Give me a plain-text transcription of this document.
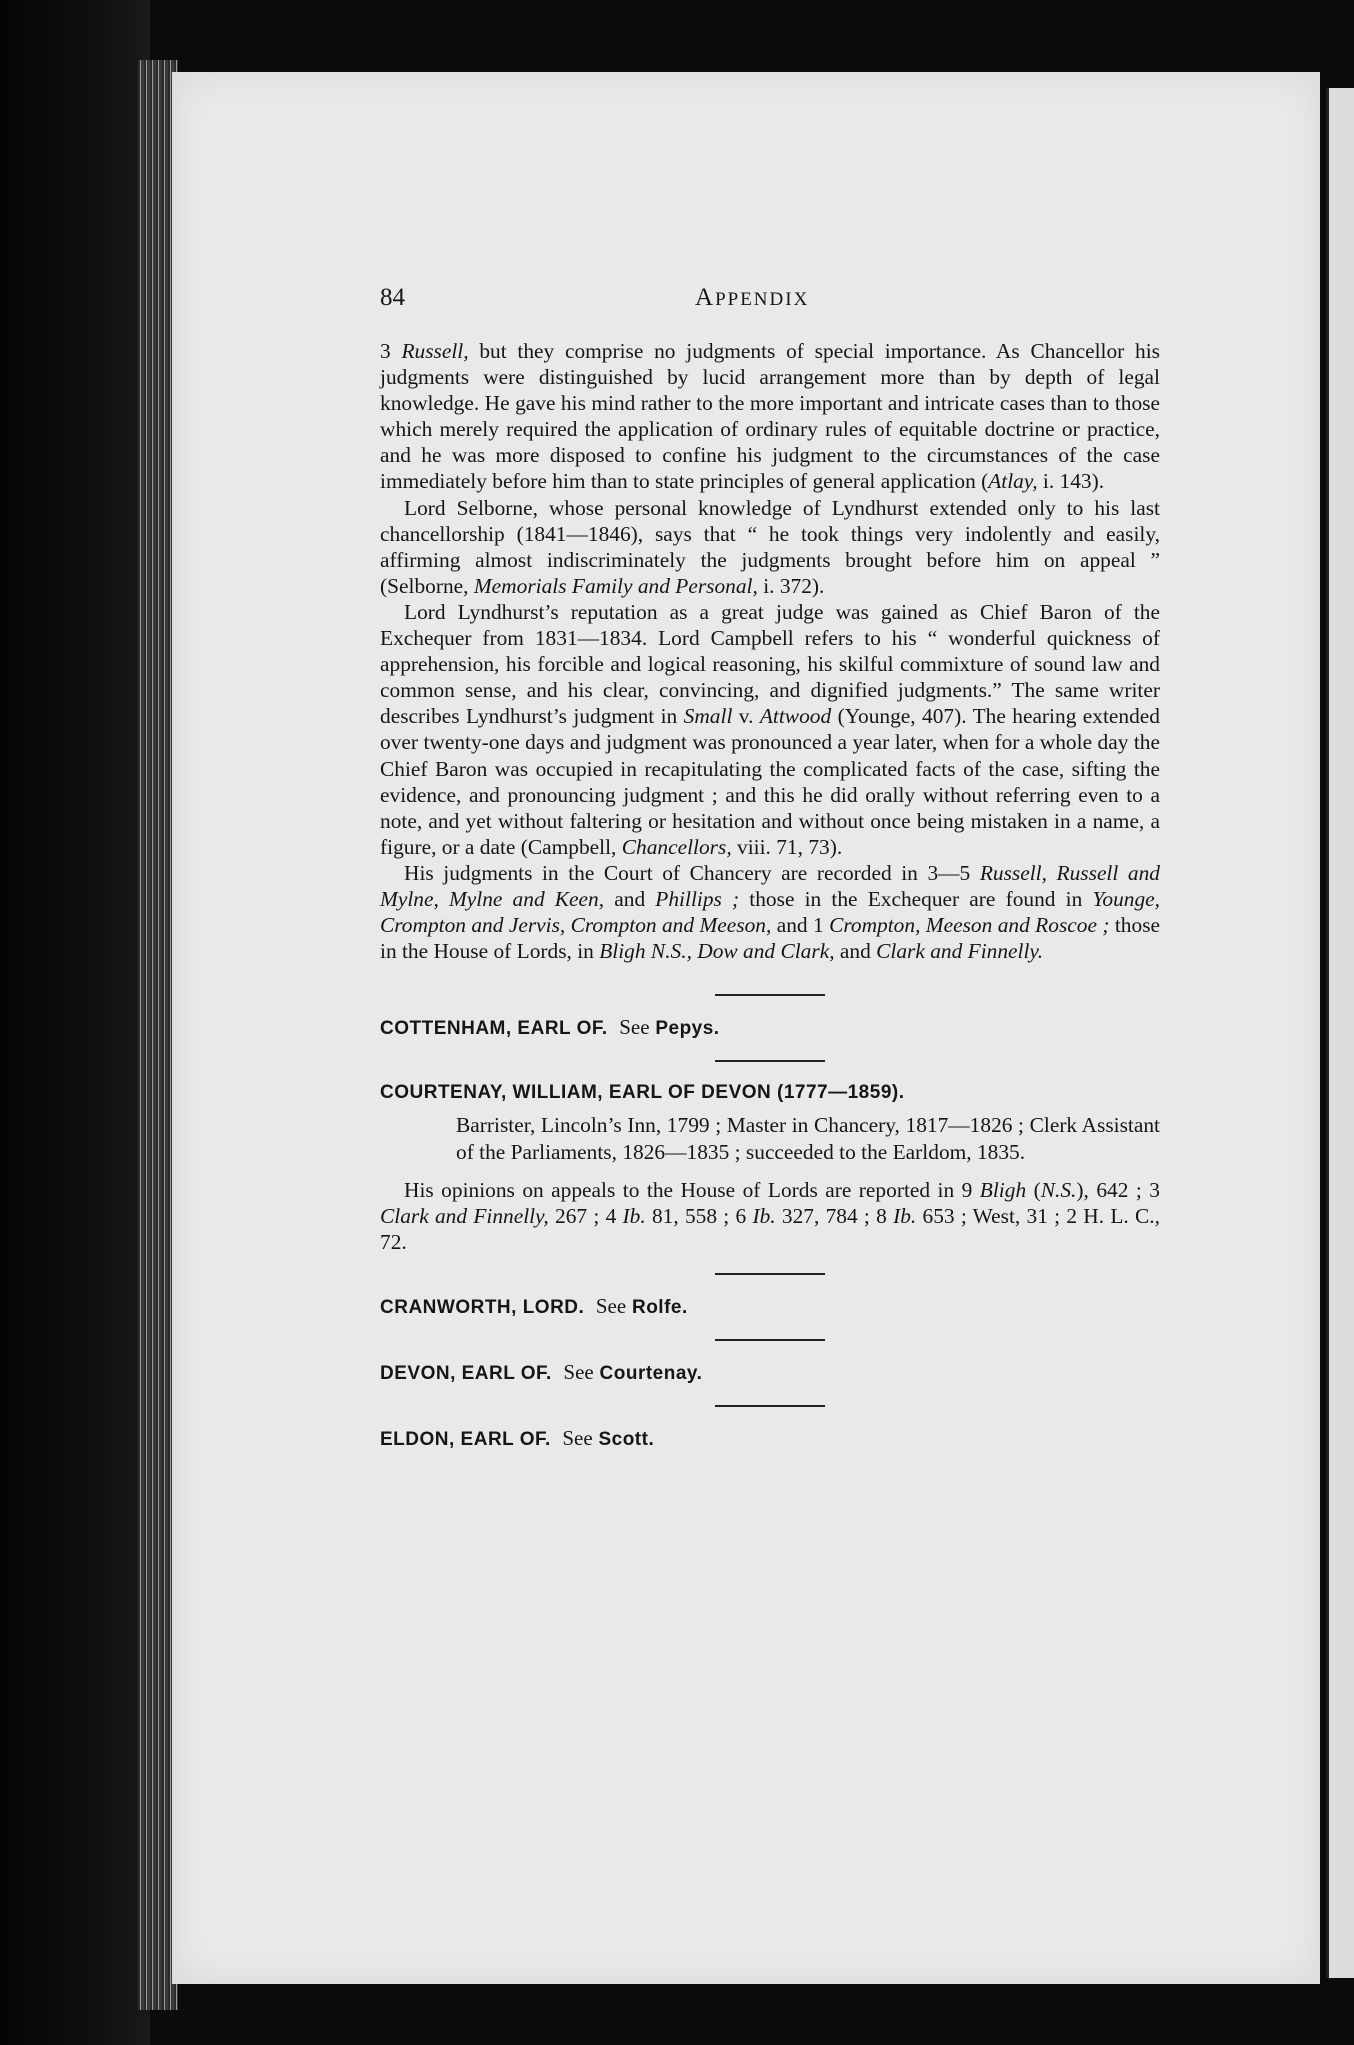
84	APPENDIX

3 Russell, but they comprise no judgments of special importance. As Chancellor his judgments were distinguished by lucid arrangement more than by depth of legal knowledge. He gave his mind rather to the more important and intricate cases than to those which merely required the application of ordinary rules of equitable doctrine or practice, and he was more disposed to confine his judgment to the circumstances of the case immediately before him than to state principles of general application (Atlay, i. 143).

Lord Selborne, whose personal knowledge of Lyndhurst extended only to his last chancellorship (1841—1846), says that “ he took things very indolently and easily, affirming almost indiscriminately the judgments brought before him on appeal ” (Selborne, Memorials Family and Personal, i. 372).

Lord Lyndhurst’s reputation as a great judge was gained as Chief Baron of the Exchequer from 1831—1834. Lord Campbell refers to his “ wonderful quickness of apprehension, his forcible and logical reasoning, his skilful commixture of sound law and common sense, and his clear, convincing, and dignified judgments.” The same writer describes Lyndhurst’s judgment in Small v. Attwood (Younge, 407). The hearing extended over twenty-one days and judgment was pronounced a year later, when for a whole day the Chief Baron was occupied in recapitulating the complicated facts of the case, sifting the evidence, and pronouncing judgment ; and this he did orally without referring even to a note, and yet without faltering or hesitation and without once being mistaken in a name, a figure, or a date (Campbell, Chancellors, viii. 71, 73).

His judgments in the Court of Chancery are recorded in 3—5 Russell, Russell and Mylne, Mylne and Keen, and Phillips ; those in the Exchequer are found in Younge, Crompton and Jervis, Crompton and Meeson, and 1 Crompton, Meeson and Roscoe ; those in the House of Lords, in Bligh N.S., Dow and Clark, and Clark and Finnelly.

COTTENHAM, EARL OF. See Pepys.
COURTENAY, WILLIAM, EARL OF DEVON (1777—1859).

Barrister, Lincoln’s Inn, 1799 ; Master in Chancery, 1817—1826 ; Clerk Assistant of the Parliaments, 1826—1835 ; succeeded to the Earldom, 1835.

His opinions on appeals to the House of Lords are reported in 9 Bligh (N.S.), 642 ; 3 Clark and Finnelly, 267 ; 4 Ib. 81, 558 ; 6 Ib. 327, 784 ; 8 Ib. 653 ; West, 31 ; 2 H. L. C., 72.

CRANWORTH, LORD. See Rolfe.
DEVON, EARL OF. See Courtenay.
ELDON, EARL OF. See Scott.
